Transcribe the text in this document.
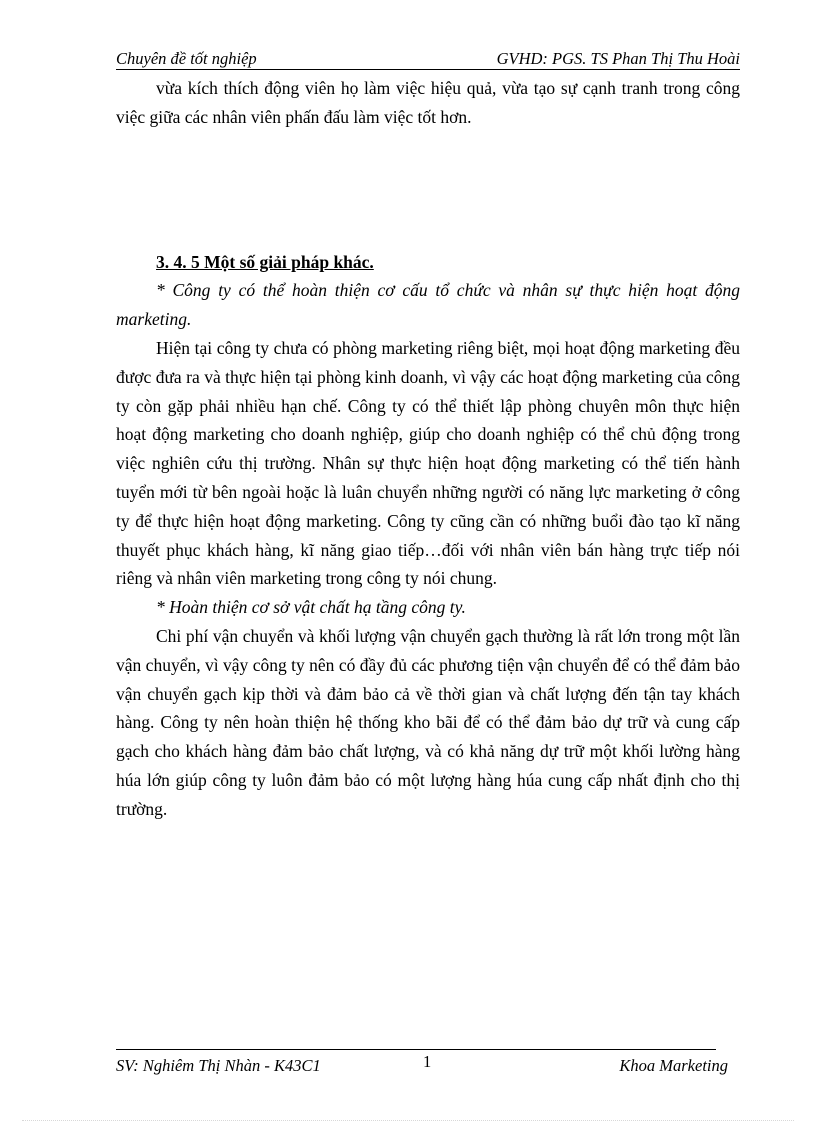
Chuyên đề tốt nghiệp	GVHD: PGS. TS Phan Thị Thu Hoài

vừa kích thích động viên họ làm việc hiệu quả, vừa tạo sự cạnh tranh trong công việc giữa các nhân viên phấn đấu làm việc tốt hơn.

3. 4. 5 Một số giải pháp khác.

* Công ty có thể hoàn thiện cơ cấu tổ chức và nhân sự thực hiện hoạt động marketing.

Hiện tại công ty chưa có phòng marketing riêng biệt, mọi hoạt động marketing đều được đưa ra và thực hiện tại phòng kinh doanh, vì vậy các hoạt động marketing của công ty còn gặp phải nhiều hạn chế. Công ty có thể thiết lập phòng chuyên môn thực hiện hoạt động marketing cho doanh nghiệp, giúp cho doanh nghiệp có thể chủ động trong việc nghiên cứu thị trường. Nhân sự thực hiện hoạt động marketing có thể tiến hành tuyển mới từ bên ngoài hoặc là luân chuyển những người có năng lực marketing ở công ty để thực hiện hoạt động marketing. Công ty cũng cần có những buổi đào tạo kĩ năng thuyết phục khách hàng, kĩ năng giao tiếp…đối với nhân viên bán hàng trực tiếp nói riêng và nhân viên marketing trong công ty nói chung.

* Hoàn thiện cơ sở vật chất hạ tầng công ty.

Chi phí vận chuyển và khối lượng vận chuyển gạch thường là rất lớn trong một lần vận chuyển, vì vậy công ty nên có đầy đủ các phương tiện vận chuyển để có thể đảm bảo vận chuyển gạch kịp thời và đảm bảo cả về thời gian và chất lượng đến tận tay khách hàng. Công ty nên hoàn thiện hệ thống kho bãi để có thể đảm bảo dự trữ và cung cấp gạch cho khách hàng đảm bảo chất lượng, và có khả năng dự trữ một khối lường hàng húa lớn giúp công ty luôn đảm bảo có một lượng hàng húa cung cấp nhất định cho thị trường.

SV: Nghiêm Thị Nhàn - K43C1	1	Khoa Marketing
